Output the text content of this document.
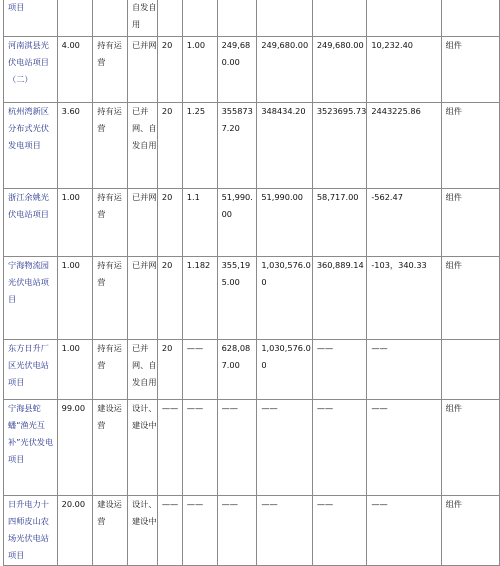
项目			自发自用							
河南淇县光伏电站项目（二）	4.00	持有运营	已并网	20	1.00	249,680.00	249,680.00	249,680.00	10,232.40	组件
杭州湾新区分布式光伏发电项目	3.60	持有运营	已并网、自发自用	20	1.25	3558737.20	348434.20	3523695.73	2443225.86	组件
浙江余姚光伏电站项目	1.00	持有运营	已并网	20	1.1	51,990.00	51,990.00	58,717.00	-562.47	组件
宁海物流园光伏电站项目	1.00	持有运营	已并网	20	1.182	355,195.00	1,030,576.00	360,889.14	-103，340.33	组件
东方日升厂区光伏电站项目	1.00	持有运营	已并网、自发自用	20	——	628,087.00	1,030,576.00	——	——	
宁海县蛇蟠“渔光互补”光伏发电项目	99.00	建设运营	设计、建设中	——	——	——	——	——	——	组件
日升电力十四师皮山农场光伏电站项目	20.00	建设运营	设计、建设中	——	——	——	——	——	——	组件
